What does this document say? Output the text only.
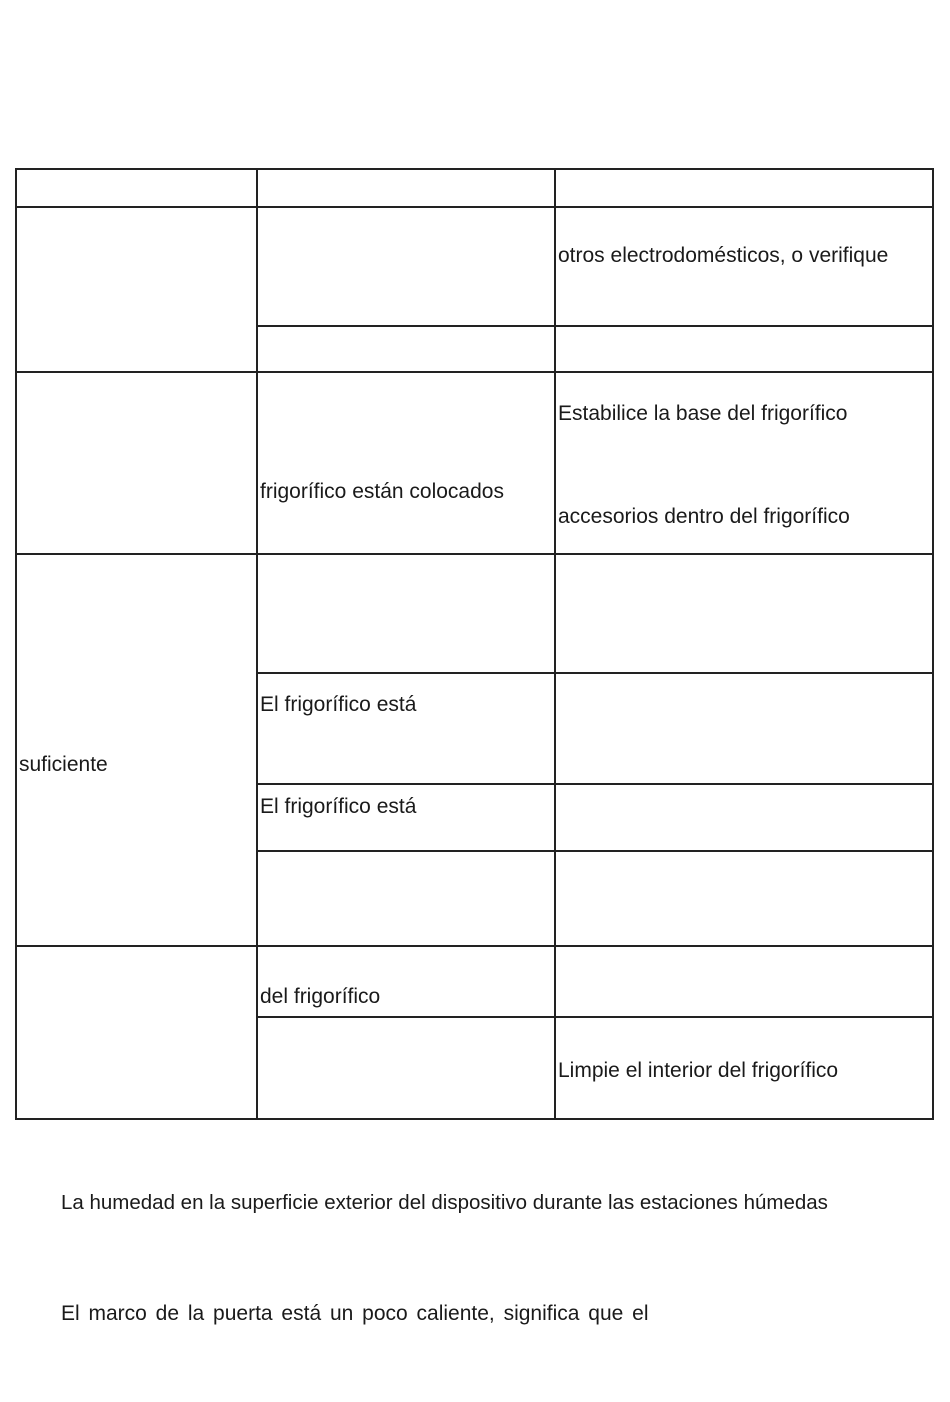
otros electrodomésticos, o verifique
Estabilice la base del frigorífico
frigorífico están colocados
accesorios dentro del frigorífico
El frigorífico está
suficiente
El frigorífico está
del frigorífico
Limpie el interior del frigorífico
La humedad en la superficie exterior del dispositivo durante las estaciones húmedas
El marco de la puerta está un poco caliente, significa que el
